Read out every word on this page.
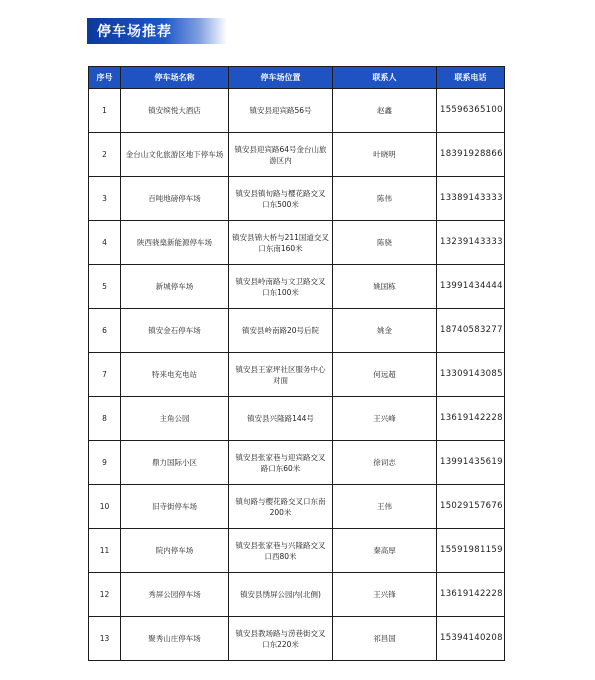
停车场推荐
序号	停车场名称	停车场位置	联系人	联系电话
1	镇安缤悦大酒店	镇安县迎宾路56号	赵鑫	15596365100
2	金台山文化旅游区地下停车场	镇安县迎宾路64号金台山旅游区内	叶晓明	18391928866
3	百吨地磅停车场	镇安县镇旬路与樱花路交叉口东500米	陈伟	13389143333
4	陕西骁燊新能源停车场	镇安县锦大桥与211国道交叉口东南160米	陈骁	13239143333
5	新城停车场	镇安县岭南路与文卫路交叉口东100米	姚国栋	13991434444
6	镇安金石停车场	镇安县岭南路20号后院	姚金	18740583277
7	特来电充电站	镇安县王家坪社区服务中心对面	何远超	13309143085
8	主角公园	镇安县兴隆路144号	王兴峰	13619142228
9	鼎力国际小区	镇安县张家巷与迎宾路交叉路口东60米	徐词志	13991435619
10	旧寺街停车场	镇旬路与樱花路交叉口东南200米	王伟	15029157676
11	院内停车场	镇安县张家巷与兴隆路交叉口西80米	秦高厚	15591981159
12	秀屏公园停车场	镇安县绣屏公园内(北侧)	王兴锋	13619142228
13	聚秀山庄停车场	镇安县教场路与涝巷街交叉口东220米	祁昌国	15394140208
